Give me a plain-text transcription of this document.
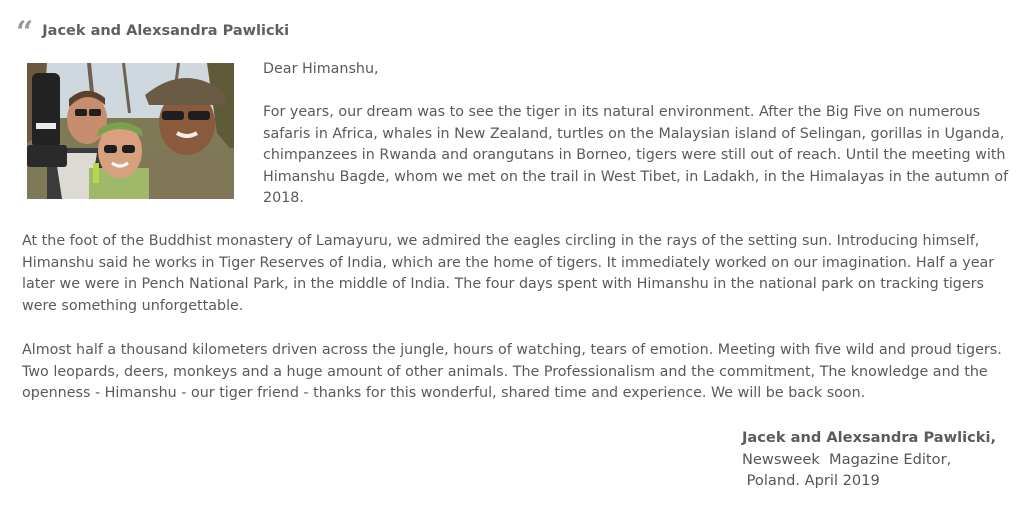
“ Jacek and Alexsandra Pawlicki
Dear Himanshu,

For years, our dream was to see the tiger in its natural environment. After the Big Five on numerous safaris in Africa, whales in New Zealand, turtles on the Malaysian island of Selingan, gorillas in Uganda, chimpanzees in Rwanda and orangutans in Borneo, tigers were still out of reach. Until the meeting with Himanshu Bagde, whom we met on the trail in West Tibet, in Ladakh, in the Himalayas in the autumn of 2018.

At the foot of the Buddhist monastery of Lamayuru, we admired the eagles circling in the rays of the setting sun. Introducing himself, Himanshu said he works in Tiger Reserves of India, which are the home of tigers. It immediately worked on our imagination. Half a year later we were in Pench National Park, in the middle of India. The four days spent with Himanshu in the national park on tracking tigers were something unforgettable.

Almost half a thousand kilometers driven across the jungle, hours of watching, tears of emotion. Meeting with five wild and proud tigers. Two leopards, deers, monkeys and a huge amount of other animals. The Professionalism and the commitment, The knowledge and the openness - Himanshu - our tiger friend - thanks for this wonderful, shared time and experience. We will be back soon.

Jacek and Alexsandra Pawlicki,
Newsweek  Magazine Editor,
Poland. April 2019
